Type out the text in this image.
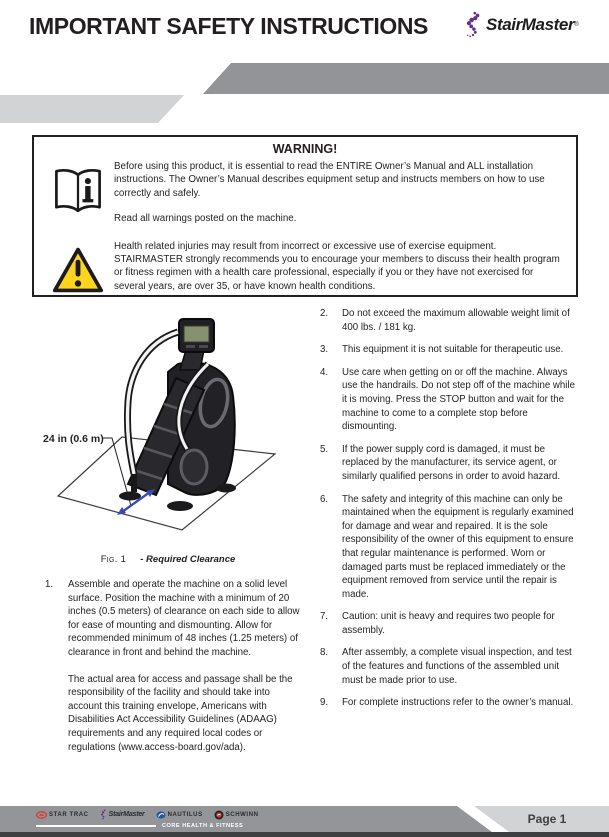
IMPORTANT SAFETY INSTRUCTIONS	StairMaster ®
WARNING!

Before using this product, it is essential to read the ENTIRE Owner’s Manual and ALL installation instructions. The Owner’s Manual describes equipment setup and instructs members on how to use correctly and safely.

Read all warnings posted on the machine.

Health related injuries may result from incorrect or excessive use of exercise equipment. STAIRMASTER strongly recommends you to encourage your members to discuss their health program or fitness regimen with a health care professional, especially if you or they have not exercised for several years, are over 35, or have known health conditions.

24 in (0.6 m)
Fig. 1 - Required Clearance
1.	Assemble and operate the machine on a solid level surface. Position the machine with a minimum of 20 inches (0.5 meters) of clearance on each side to allow for ease of mounting and dismounting. Allow for recommended minimum of 48 inches (1.25 meters) of clearance in front and behind the machine.

The actual area for access and passage shall be the responsibility of the facility and should take into account this training envelope, Americans with Disabilities Act Accessibility Guidelines (ADAAG) requirements and any required local codes or regulations (www.access-board.gov/ada).

2.	Do not exceed the maximum allowable weight limit of 400 lbs. / 181 kg.
3.	This equipment it is not suitable for therapeutic use.
4.	Use care when getting on or off the machine. Always use the handrails. Do not step off of the machine while it is moving. Press the STOP button and wait for the machine to come to a complete stop before dismounting.
5.	If the power supply cord is damaged, it must be replaced by the manufacturer, its service agent, or similarly qualified persons in order to avoid hazard.
6.	The safety and integrity of this machine can only be maintained when the equipment is regularly examined for damage and wear and repaired. It is the sole responsibility of the owner of this equipment to ensure that regular maintenance is performed. Worn or damaged parts must be replaced immediately or the equipment removed from service until the repair is made.
7.	Caution: unit is heavy and requires two people for assembly.
8.	After assembly, a complete visual inspection, and test of the features and functions of the assembled unit must be made prior to use.
9.	For complete instructions refer to the owner’s manual.
STAR TRAC	StairMaster	NAUTILUS	SCHWINN
CORE HEALTH & FITNESS	Page 1
